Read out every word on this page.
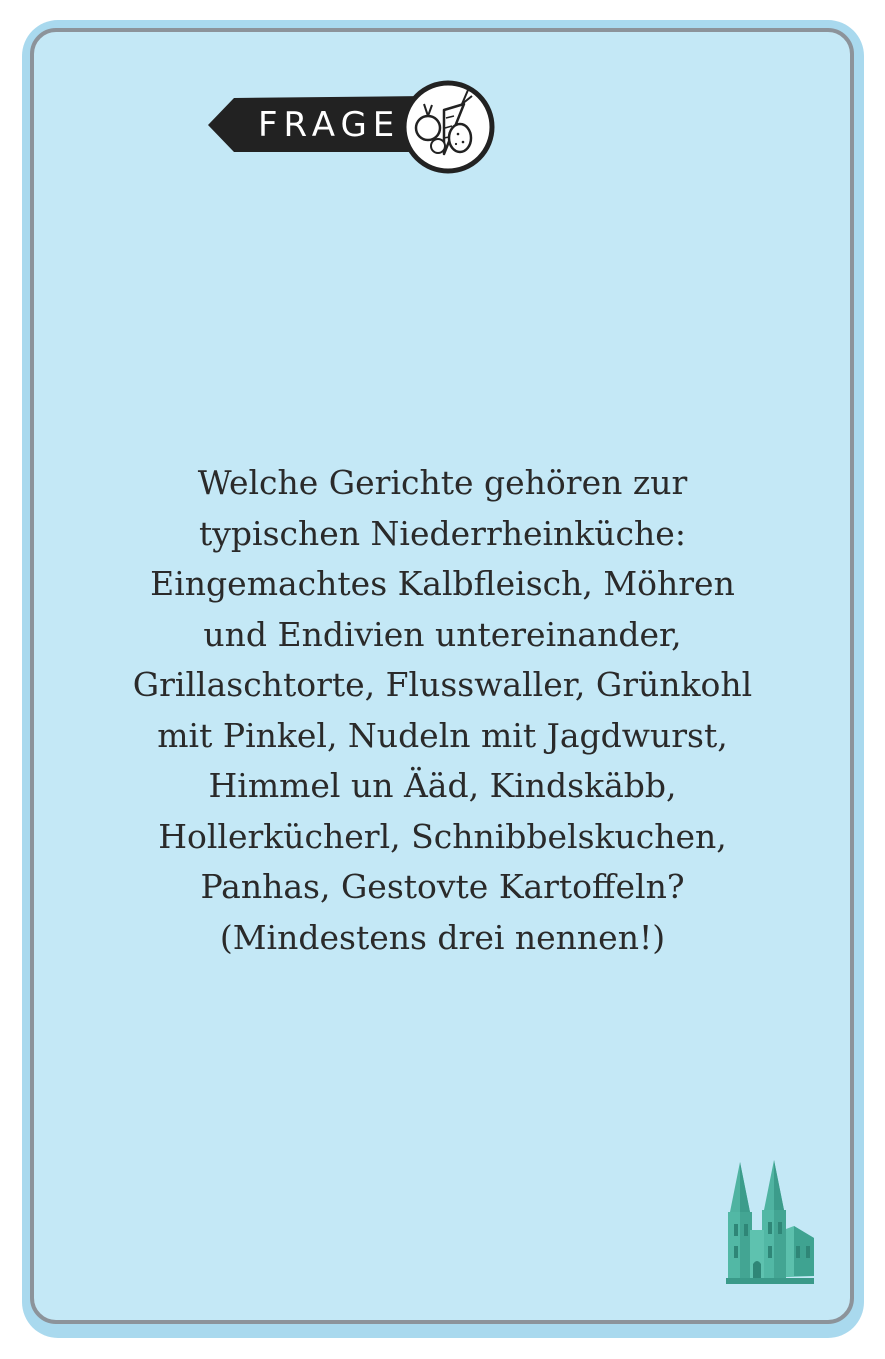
FRAGE
Welche Gerichte gehören zur
typischen Niederrheinküche:
Eingemachtes Kalbfleisch, Möhren
und Endivien untereinander,
Grillaschtorte, Flusswaller, Grünkohl
mit Pinkel, Nudeln mit Jagdwurst,
Himmel un Ääd, Kindskäbb,
Hollerkücherl, Schnibbelskuchen,
Panhas, Gestovte Kartoffeln?
(Mindestens drei nennen!)
